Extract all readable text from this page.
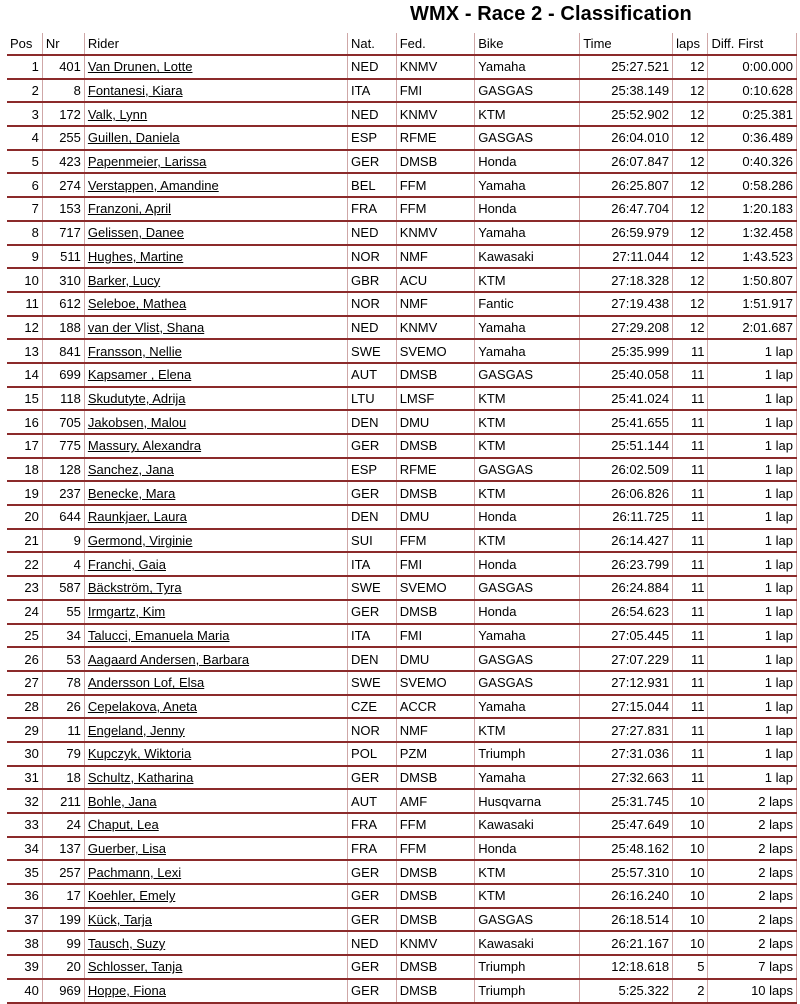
WMX - Race 2 - Classification
Pos	Nr	Rider	Nat.	Fed.	Bike	Time	laps	Diff. First
1	401	Van Drunen, Lotte	NED	KNMV	Yamaha	25:27.521	12	0:00.000
2	8	Fontanesi, Kiara	ITA	FMI	GASGAS	25:38.149	12	0:10.628
3	172	Valk, Lynn	NED	KNMV	KTM	25:52.902	12	0:25.381
4	255	Guillen, Daniela	ESP	RFME	GASGAS	26:04.010	12	0:36.489
5	423	Papenmeier, Larissa	GER	DMSB	Honda	26:07.847	12	0:40.326
6	274	Verstappen, Amandine	BEL	FFM	Yamaha	26:25.807	12	0:58.286
7	153	Franzoni, April	FRA	FFM	Honda	26:47.704	12	1:20.183
8	717	Gelissen, Danee	NED	KNMV	Yamaha	26:59.979	12	1:32.458
9	511	Hughes, Martine	NOR	NMF	Kawasaki	27:11.044	12	1:43.523
10	310	Barker, Lucy	GBR	ACU	KTM	27:18.328	12	1:50.807
11	612	Seleboe, Mathea	NOR	NMF	Fantic	27:19.438	12	1:51.917
12	188	van der Vlist, Shana	NED	KNMV	Yamaha	27:29.208	12	2:01.687
13	841	Fransson, Nellie	SWE	SVEMO	Yamaha	25:35.999	11	1 lap
14	699	Kapsamer , Elena	AUT	DMSB	GASGAS	25:40.058	11	1 lap
15	118	Skudutyte, Adrija	LTU	LMSF	KTM	25:41.024	11	1 lap
16	705	Jakobsen, Malou	DEN	DMU	KTM	25:41.655	11	1 lap
17	775	Massury, Alexandra	GER	DMSB	KTM	25:51.144	11	1 lap
18	128	Sanchez, Jana	ESP	RFME	GASGAS	26:02.509	11	1 lap
19	237	Benecke, Mara	GER	DMSB	KTM	26:06.826	11	1 lap
20	644	Raunkjaer, Laura	DEN	DMU	Honda	26:11.725	11	1 lap
21	9	Germond, Virginie	SUI	FFM	KTM	26:14.427	11	1 lap
22	4	Franchi, Gaia	ITA	FMI	Honda	26:23.799	11	1 lap
23	587	Bäckström, Tyra	SWE	SVEMO	GASGAS	26:24.884	11	1 lap
24	55	Irmgartz, Kim	GER	DMSB	Honda	26:54.623	11	1 lap
25	34	Talucci, Emanuela Maria	ITA	FMI	Yamaha	27:05.445	11	1 lap
26	53	Aagaard Andersen, Barbara	DEN	DMU	GASGAS	27:07.229	11	1 lap
27	78	Andersson Lof, Elsa	SWE	SVEMO	GASGAS	27:12.931	11	1 lap
28	26	Cepelakova, Aneta	CZE	ACCR	Yamaha	27:15.044	11	1 lap
29	11	Engeland, Jenny	NOR	NMF	KTM	27:27.831	11	1 lap
30	79	Kupczyk, Wiktoria	POL	PZM	Triumph	27:31.036	11	1 lap
31	18	Schultz, Katharina	GER	DMSB	Yamaha	27:32.663	11	1 lap
32	211	Bohle, Jana	AUT	AMF	Husqvarna	25:31.745	10	2 laps
33	24	Chaput, Lea	FRA	FFM	Kawasaki	25:47.649	10	2 laps
34	137	Guerber, Lisa	FRA	FFM	Honda	25:48.162	10	2 laps
35	257	Pachmann, Lexi	GER	DMSB	KTM	25:57.310	10	2 laps
36	17	Koehler, Emely	GER	DMSB	KTM	26:16.240	10	2 laps
37	199	Kück, Tarja	GER	DMSB	GASGAS	26:18.514	10	2 laps
38	99	Tausch, Suzy	NED	KNMV	Kawasaki	26:21.167	10	2 laps
39	20	Schlosser, Tanja	GER	DMSB	Triumph	12:18.618	5	7 laps
40	969	Hoppe, Fiona	GER	DMSB	Triumph	5:25.322	2	10 laps
